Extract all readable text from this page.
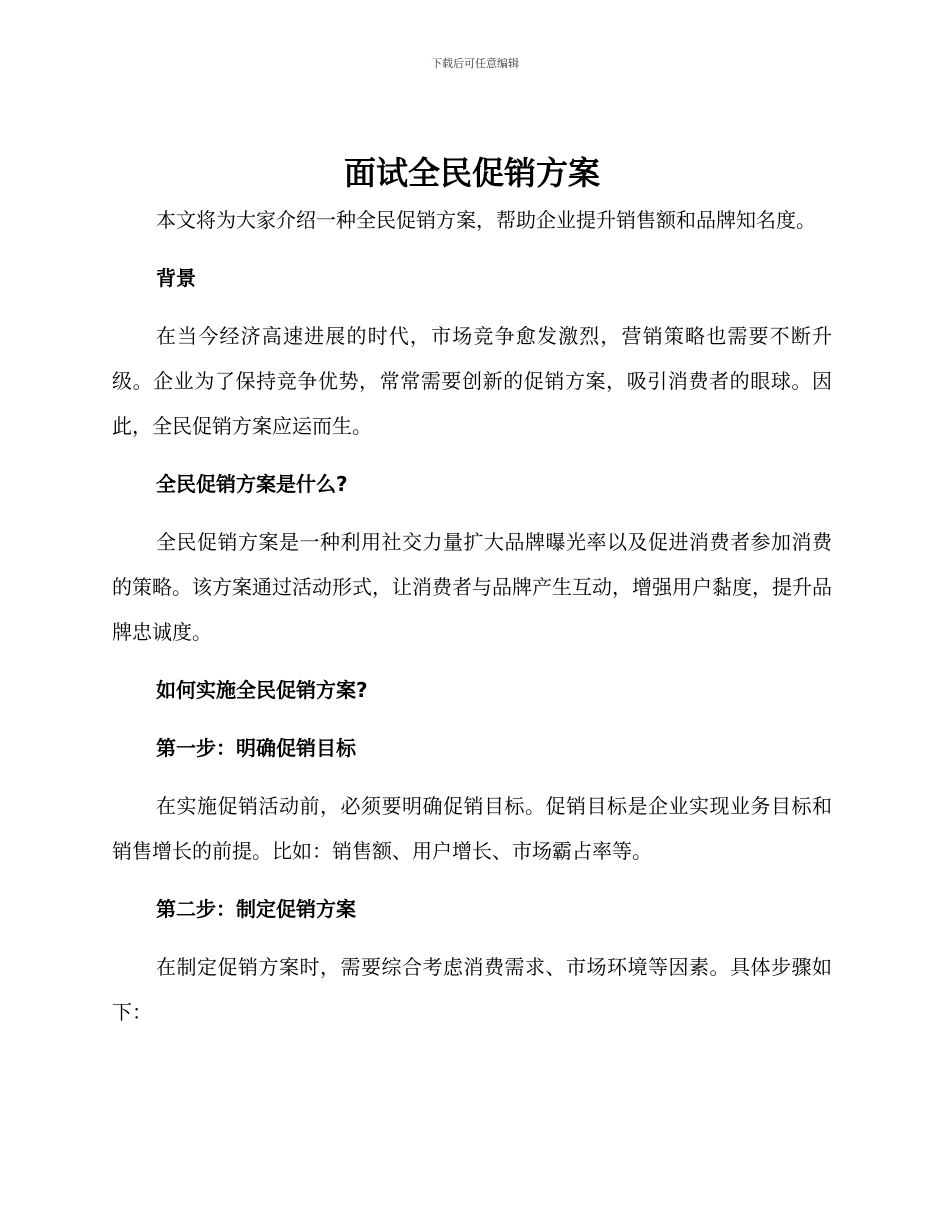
下载后可任意编辑
面试全民促销方案

本文将为大家介绍一种全民促销方案，帮助企业提升销售额和品牌知名度。

背景

在当今经济高速进展的时代，市场竞争愈发激烈，营销策略也需要不断升级。企业为了保持竞争优势，常常需要创新的促销方案，吸引消费者的眼球。因此，全民促销方案应运而生。

全民促销方案是什么?

全民促销方案是一种利用社交力量扩大品牌曝光率以及促进消费者参加消费的策略。该方案通过活动形式，让消费者与品牌产生互动，增强用户黏度，提升品牌忠诚度。

如何实施全民促销方案?

第一步：明确促销目标

在实施促销活动前，必须要明确促销目标。促销目标是企业实现业务目标和销售增长的前提。比如：销售额、用户增长、市场霸占率等。

第二步：制定促销方案

在制定促销方案时，需要综合考虑消费需求、市场环境等因素。具体步骤如下：
